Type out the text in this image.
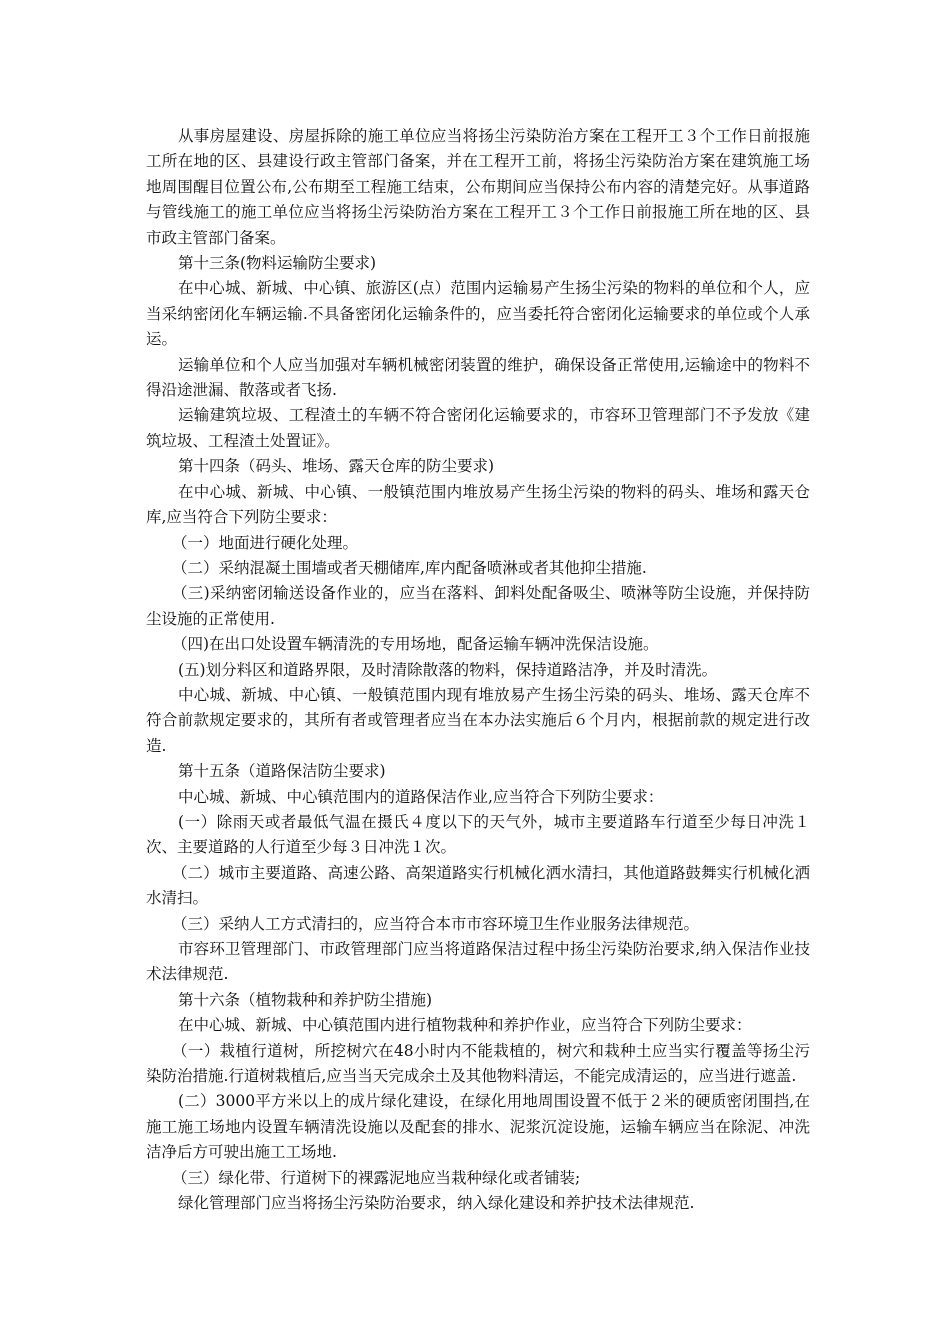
从事房屋建设、房屋拆除的施工单位应当将扬尘污染防治方案在工程开工３个工作日前报施工所在地的区、县建设行政主管部门备案，并在工程开工前，将扬尘污染防治方案在建筑施工场地周围醒目位置公布,公布期至工程施工结束，公布期间应当保持公布内容的清楚完好。从事道路与管线施工的施工单位应当将扬尘污染防治方案在工程开工３个工作日前报施工所在地的区、县市政主管部门备案。

第十三条(物料运输防尘要求)

在中心城、新城、中心镇、旅游区(点）范围内运输易产生扬尘污染的物料的单位和个人，应当采纳密闭化车辆运输.不具备密闭化运输条件的，应当委托符合密闭化运输要求的单位或个人承运。

运输单位和个人应当加强对车辆机械密闭装置的维护，确保设备正常使用,运输途中的物料不得沿途泄漏、散落或者飞扬.

运输建筑垃圾、工程渣土的车辆不符合密闭化运输要求的，市容环卫管理部门不予发放《建筑垃圾、工程渣土处置证》。

第十四条（码头、堆场、露天仓库的防尘要求)

在中心城、新城、中心镇、一般镇范围内堆放易产生扬尘污染的物料的码头、堆场和露天仓库,应当符合下列防尘要求：

（一）地面进行硬化处理。

（二）采纳混凝土围墙或者天棚储库,库内配备喷淋或者其他抑尘措施.

（三)采纳密闭输送设备作业的，应当在落料、卸料处配备吸尘、喷淋等防尘设施，并保持防尘设施的正常使用.

（四)在出口处设置车辆清洗的专用场地，配备运输车辆冲洗保洁设施。

(五)划分料区和道路界限，及时清除散落的物料，保持道路洁净，并及时清洗。

中心城、新城、中心镇、一般镇范围内现有堆放易产生扬尘污染的码头、堆场、露天仓库不符合前款规定要求的，其所有者或管理者应当在本办法实施后６个月内，根据前款的规定进行改造.

第十五条（道路保洁防尘要求)

中心城、新城、中心镇范围内的道路保洁作业,应当符合下列防尘要求：

(一）除雨天或者最低气温在摄氏４度以下的天气外，城市主要道路车行道至少每日冲洗１次、主要道路的人行道至少每３日冲洗１次。

（二）城市主要道路、高速公路、高架道路实行机械化洒水清扫，其他道路鼓舞实行机械化洒水清扫。

（三）采纳人工方式清扫的，应当符合本市市容环境卫生作业服务法律规范。

市容环卫管理部门、市政管理部门应当将道路保洁过程中扬尘污染防治要求,纳入保洁作业技术法律规范.

第十六条（植物栽种和养护防尘措施)

在中心城、新城、中心镇范围内进行植物栽种和养护作业，应当符合下列防尘要求：

（一）栽植行道树，所挖树穴在48小时内不能栽植的，树穴和栽种土应当实行覆盖等扬尘污染防治措施.行道树栽植后,应当当天完成余土及其他物料清运，不能完成清运的，应当进行遮盖.

(二）3000平方米以上的成片绿化建设，在绿化用地周围设置不低于２米的硬质密闭围挡,在施工施工场地内设置车辆清洗设施以及配套的排水、泥浆沉淀设施，运输车辆应当在除泥、冲洗洁净后方可驶出施工工场地.

（三）绿化带、行道树下的裸露泥地应当栽种绿化或者铺装;

绿化管理部门应当将扬尘污染防治要求，纳入绿化建设和养护技术法律规范.
